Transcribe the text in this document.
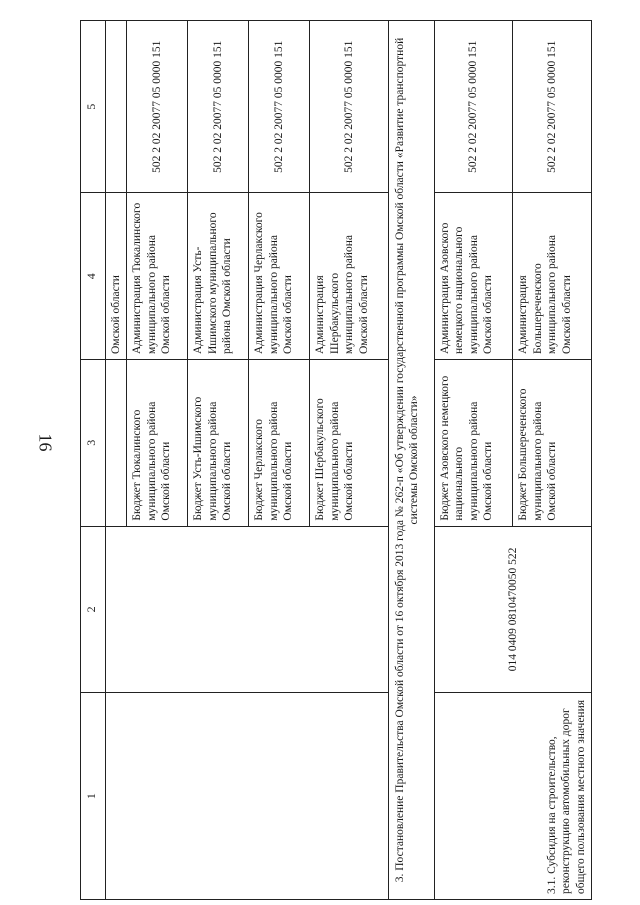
16
1	2	3	4	5
			Омской области	
		Бюджет Тюкалинского муниципального района Омской области	Администрация Тюкалинского муниципального района Омской области	502 2 02 20077 05 0000 151
		Бюджет Усть-Ишимского муниципального района Омской области	Администрация Усть-Ишимского муниципального района Омской области	502 2 02 20077 05 0000 151
		Бюджет Черлакского муниципального района Омской области	Администрация Черлакского муниципального района Омской области	502 2 02 20077 05 0000 151
		Бюджет Шербакульского муниципального района Омской области	Администрация Шербакульского муниципального района Омской области	502 2 02 20077 05 0000 151
3. Постановление Правительства Омской области от 16 октября 2013 года № 262-п «Об утверждении государственной программы Омской области «Развитие транспортной системы Омской области»				
3.1. Субсидия на строительство, реконструкцию автомобильных дорог общего пользования местного значения	014 0409 0810470050 522	Бюджет Азовского немецкого национального муниципального района Омской области	Администрация Азовского немецкого национального муниципального района Омской области	502 2 02 20077 05 0000 151
		Бюджет Большереченского муниципального района Омской области	Администрация Большереченского муниципального района Омской области	502 2 02 20077 05 0000 151
